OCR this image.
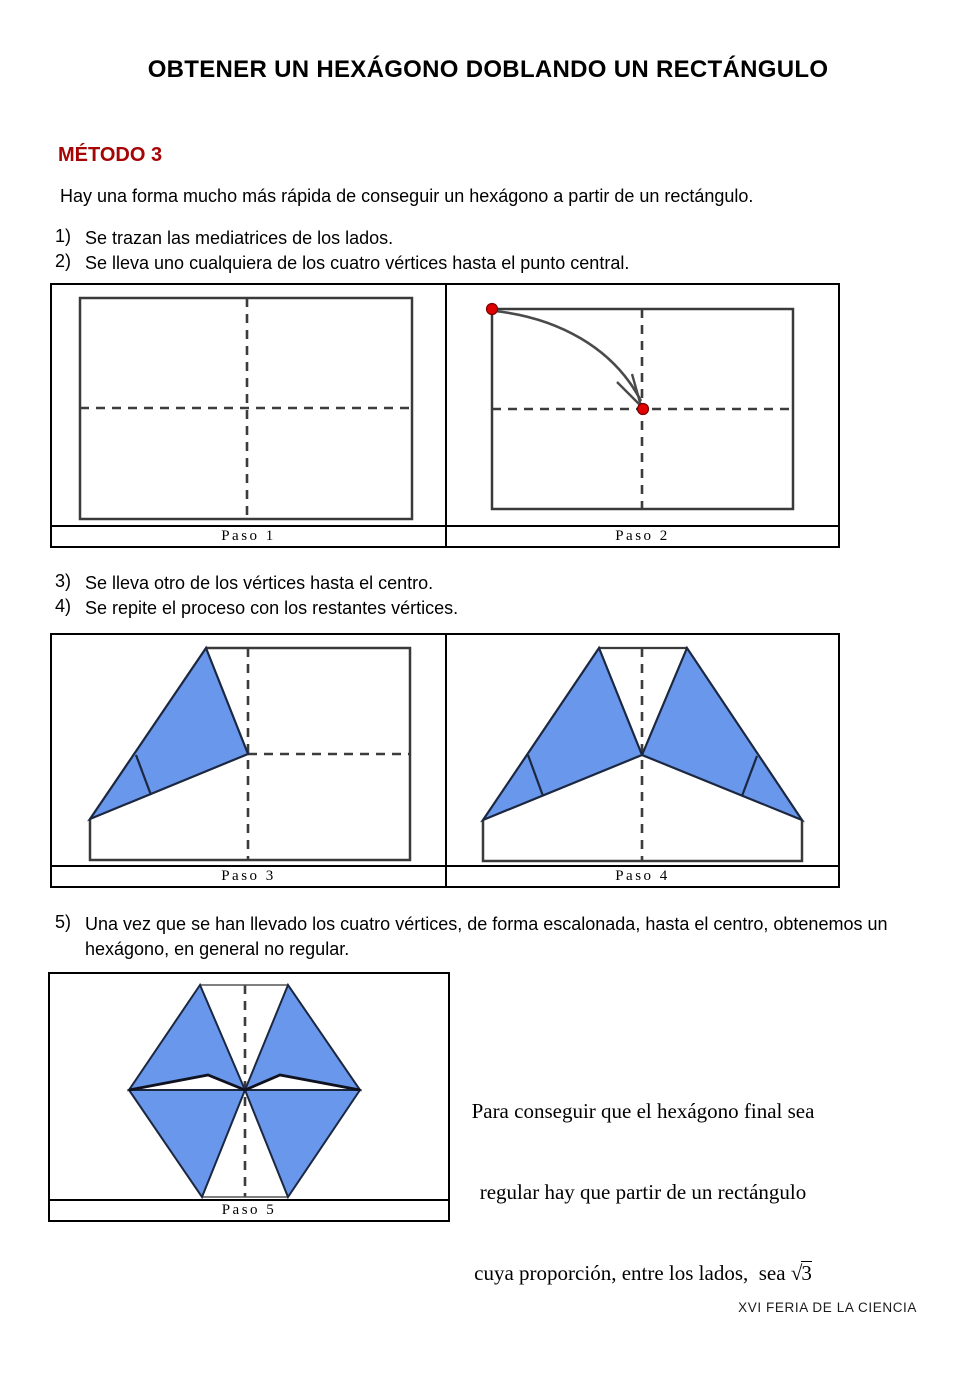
OBTENER UN HEXÁGONO DOBLANDO UN RECTÁNGULO
MÉTODO 3
Hay una forma mucho más rápida de conseguir un hexágono a partir de un rectángulo.
1) Se trazan las mediatrices de los lados.
2) Se lleva uno cualquiera de los cuatro vértices hasta el punto central.
Paso 1	Paso 2
3) Se lleva otro de los vértices hasta el centro.
4) Se repite el proceso con los restantes vértices.
Paso 3	Paso 4
5) Una vez que se han llevado los cuatro vértices, de forma escalonada, hasta el centro, obtenemos un hexágono, en general no regular.
Paso 5

Para conseguir que el hexágono final sea

regular hay que partir de un rectángulo

cuya proporción, entre los lados,  sea √3

XVI FERIA DE LA CIENCIA
